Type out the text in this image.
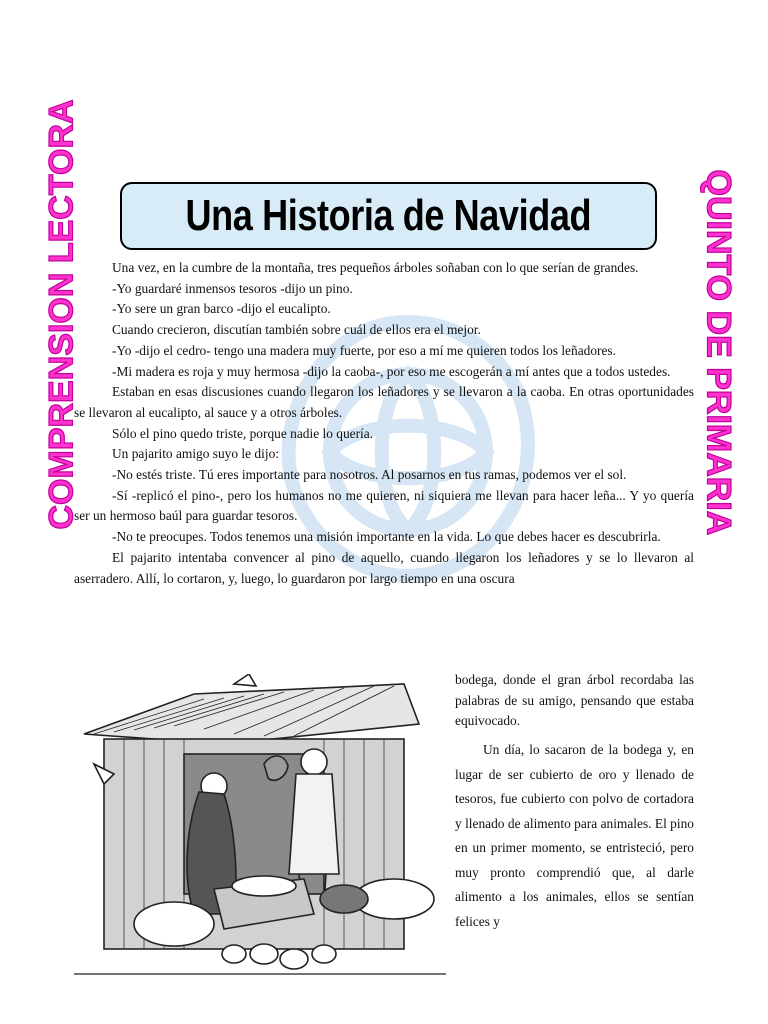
COMPRENSION LECTORA	QUINTO DE PRIMARIA
Una Historia de Navidad

Una vez, en la cumbre de la montaña, tres pequeños árboles soñaban con lo que serían de grandes.

-Yo guardaré inmensos tesoros -dijo un pino.

-Yo sere un gran barco -dijo el eucalipto.

Cuando crecieron, discutían también sobre cuál de ellos era el mejor.

-Yo -dijo el cedro- tengo una madera muy fuerte, por eso a mí me quieren todos los leñadores.

-Mi madera es roja y muy hermosa -dijo la caoba-, por eso me escogerán a mí antes que a todos ustedes.

Estaban en esas discusiones cuando llegaron los leñadores y se llevaron a la caoba. En otras oportunidades se llevaron al eucalipto, al sauce y a otros árboles.

Sólo el pino quedo triste, porque nadie lo quería.

Un pajarito amigo suyo le dijo:

-No estés triste. Tú eres importante para nosotros. Al posarnos en tus ramas, podemos ver el sol.

-Sí -replicó el pino-, pero los humanos no me quieren, ni siquiera me llevan para hacer leña... Y yo quería ser un hermoso baúl para guardar tesoros.

-No te preocupes. Todos tenemos una misión importante en la vida. Lo que debes hacer es descubrirla.

El pajarito intentaba convencer al pino de aquello, cuando llegaron los leñadores y se lo llevaron al aserradero. Allí, lo cortaron, y, luego, lo guardaron por largo tiempo en una oscura

bodega, donde el gran árbol recordaba las palabras de su amigo, pensando que estaba equivocado.

Un día, lo sacaron de la bodega y, en lugar de ser cubierto de oro y llenado de tesoros, fue cubierto con polvo de cortadora y llenado de alimento para animales. El pino en un primer momento, se entristeció, pero muy pronto comprendió que, al darle alimento a los animales, ellos se sentían felices y
